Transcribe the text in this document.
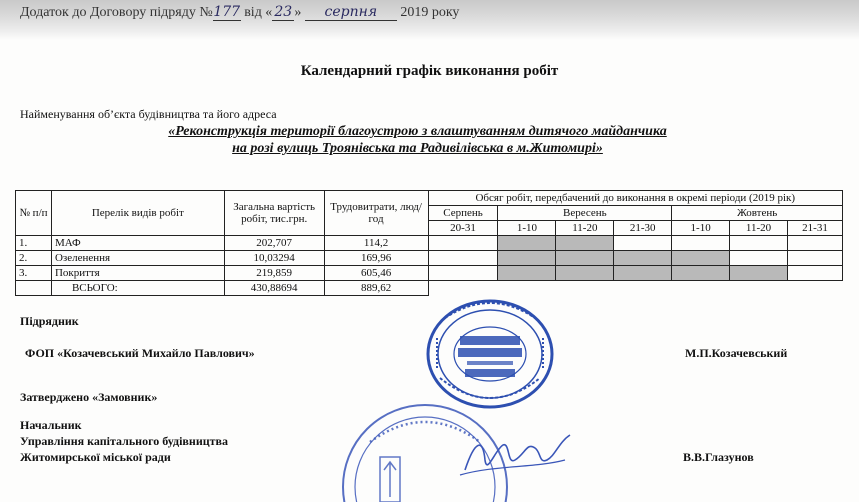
Додаток до Договору підряду №177 від « 23 » серпня 2019 року
Календарний графік виконання робіт
Найменування об’єкта будівництва та його адреса
«Реконструкція території благоустрою з влаштуванням дитячого майданчика
на розі вулиць Троянівська та Радивілівська в м.Житомирі»
№ п/п	Перелік видів робіт	Загальна вартість робіт, тис.грн.	Трудовитрати, люд/год	Обсяг робіт, передбачений до виконання в окремі періоди (2019 рік)						
				Серпень	Вересень			Жовтень		
				20-31	1-10	11-20	21-30	1-10	11-20	21-31
1.	МАФ	202,707	114,2							
2.	Озеленення	10,03294	169,96							
3.	Покриття	219,859	605,46							
	ВСЬОГО:	430,88694	889,62							
Підрядник
ФОП «Козачевський Михайло Павлович»	М.П.Козачевський
Затверджено «Замовник»
Начальник
Управління капітального будівництва
Житомирської міської ради	В.В.Глазунов
